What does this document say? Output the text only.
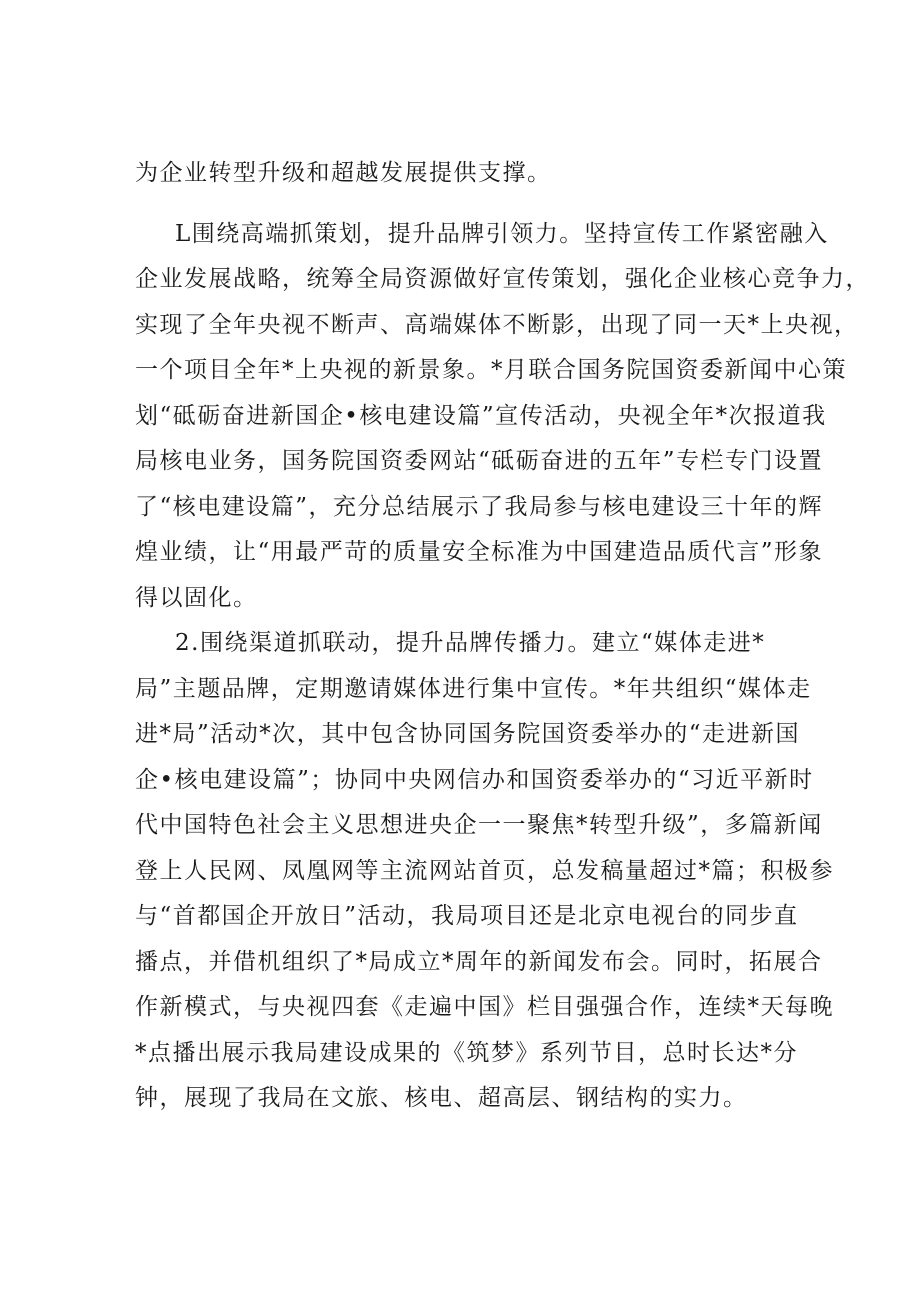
为企业转型升级和超越发展提供支撑。
L围绕高端抓策划，提升品牌引领力。坚持宣传工作紧密融入
企业发展战略，统筹全局资源做好宣传策划，强化企业核心竞争力，
实现了全年央视不断声、高端媒体不断影，出现了同一天*上央视，
一个项目全年*上央视的新景象。*月联合国务院国资委新闻中心策
划“砥砺奋进新国企•核电建设篇”宣传活动，央视全年*次报道我
局核电业务，国务院国资委网站“砥砺奋进的五年”专栏专门设置
了“核电建设篇”，充分总结展示了我局参与核电建设三十年的辉
煌业绩，让“用最严苛的质量安全标准为中国建造品质代言”形象
得以固化。
2.围绕渠道抓联动，提升品牌传播力。建立“媒体走进*
局”主题品牌，定期邀请媒体进行集中宣传。*年共组织“媒体走
进*局”活动*次，其中包含协同国务院国资委举办的“走进新国
企•核电建设篇”；协同中央网信办和国资委举办的“习近平新时
代中国特色社会主义思想进央企一一聚焦*转型升级”，多篇新闻
登上人民网、凤凰网等主流网站首页，总发稿量超过*篇；积极参
与“首都国企开放日”活动，我局项目还是北京电视台的同步直
播点，并借机组织了*局成立*周年的新闻发布会。同时，拓展合
作新模式，与央视四套《走遍中国》栏目强强合作，连续*天每晚
*点播出展示我局建设成果的《筑梦》系列节目，总时长达*分
钟，展现了我局在文旅、核电、超高层、钢结构的实力。
